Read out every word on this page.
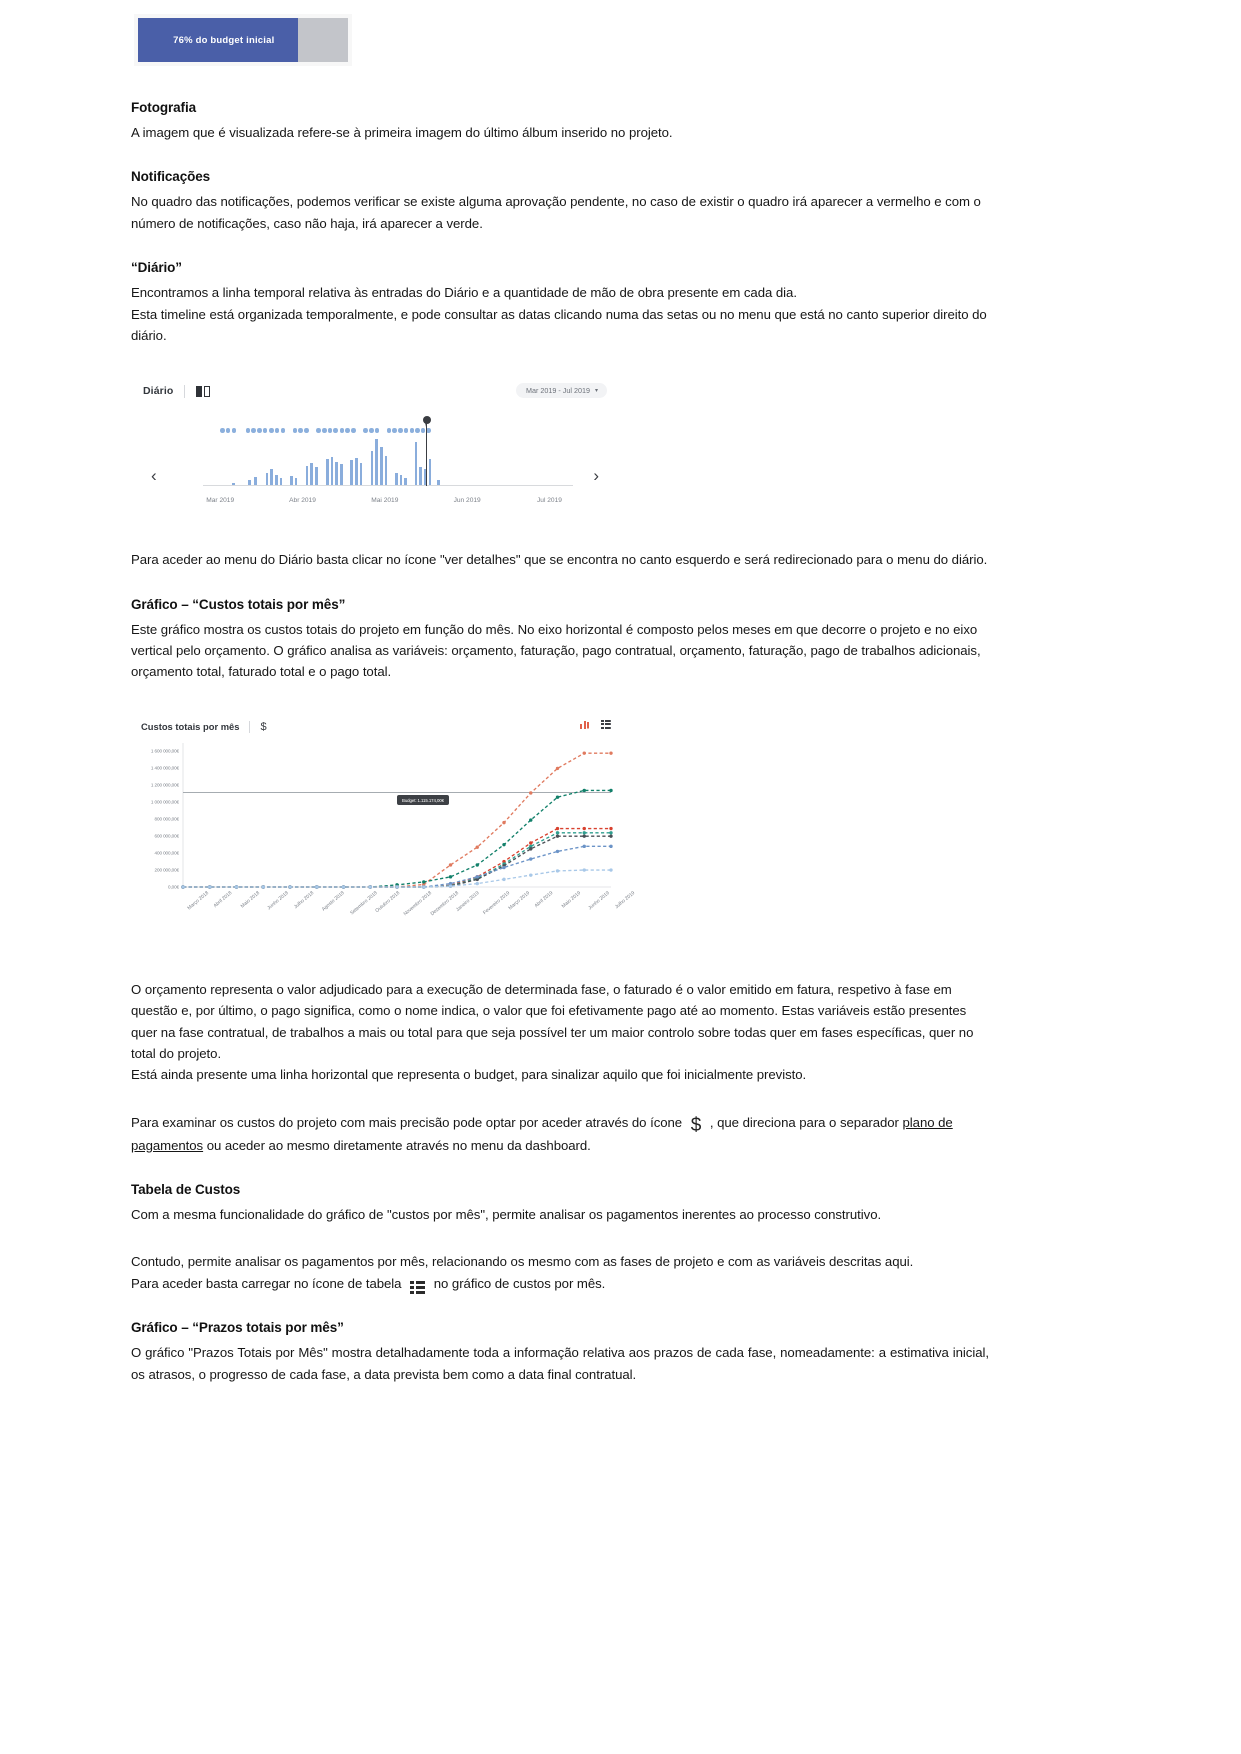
76% do budget inicial
Fotografia

A imagem que é visualizada refere-se à primeira imagem do último álbum inserido no projeto.

Notificações

No quadro das notificações, podemos verificar se existe alguma aprovação pendente, no caso de existir o quadro irá aparecer a vermelho e com o número de notificações, caso não haja, irá aparecer a verde.

“Diário”

Encontramos a linha temporal relativa às entradas do Diário e a quantidade de mão de obra presente em cada dia.

Esta timeline está organizada temporalmente, e pode consultar as datas clicando numa das setas ou no menu que está no canto superior direito do diário.

Diário	Mar 2019 - Jul 2019 ▾
‹	›
Mar 2019	Abr 2019	Mai 2019	Jun 2019	Jul 2019

Para aceder ao menu do Diário basta clicar no ícone "ver detalhes" que se encontra no canto esquerdo e será redirecionado para o menu do diário.

Gráfico – “Custos totais por mês”

Este gráfico mostra os custos totais do projeto em função do mês. No eixo horizontal é composto pelos meses em que decorre o projeto e no eixo vertical pelo orçamento. O gráfico analisa as variáveis: orçamento, faturação, pago contratual, orçamento, faturação, pago de trabalhos adicionais, orçamento total, faturado total e o pago total.

Custos totais por mês $
0,00€
200 000,00€
400 000,00€
600 000,00€
800 000,00€
1 000 000,00€
1 200 000,00€
1 400 000,00€
1 600 000,00€
Março 2018 Abril 2018 Maio 2018 Junho 2018 Julho 2018 Agosto 2018 Setembro 2018
Outubro 2018 Novembro 2018
Dezembro 2018
Janeiro 2019 Fevereiro 2019
Março 2019 Abril 2019 Maio 2019 Junho 2019 Julho 2019
Budget: 1.115.174,00€

O orçamento representa o valor adjudicado para a execução de determinada fase, o faturado é o valor emitido em fatura, respetivo à fase em questão e, por último, o pago significa, como o nome indica, o valor que foi efetivamente pago até ao momento. Estas variáveis estão presentes quer na fase contratual, de trabalhos a mais ou total para que seja possível ter um maior controlo sobre todas quer em fases específicas, quer no total do projeto.

Está ainda presente uma linha horizontal que representa o budget, para sinalizar aquilo que foi inicialmente previsto.

Para examinar os custos do projeto com mais precisão pode optar por aceder através do ícone $ , que direciona para o separador plano de pagamentos ou aceder ao mesmo diretamente através no menu da dashboard.

Tabela de Custos

Com a mesma funcionalidade do gráfico de "custos por mês", permite analisar os pagamentos inerentes ao processo construtivo.

Contudo, permite analisar os pagamentos por mês, relacionando os mesmo com as fases de projeto e com as variáveis descritas aqui.

Para aceder basta carregar no ícone de tabela no gráfico de custos por mês.

Gráfico – “Prazos totais por mês”

O gráfico "Prazos Totais por Mês" mostra detalhadamente toda a informação relativa aos prazos de cada fase, nomeadamente: a estimativa inicial, os atrasos, o progresso de cada fase, a data prevista bem como a data final contratual.
